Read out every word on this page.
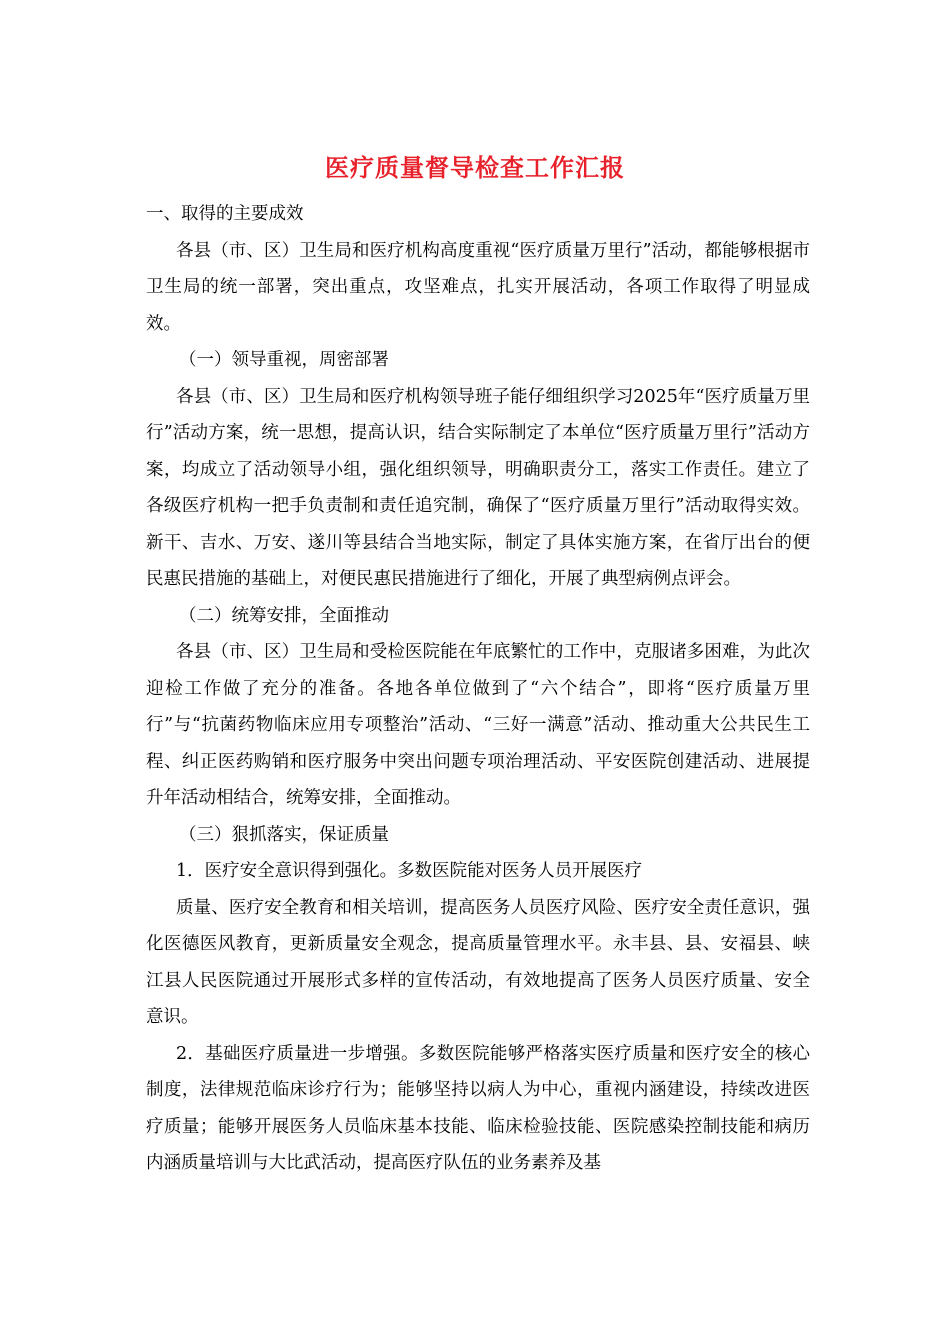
医疗质量督导检查工作汇报

一、取得的主要成效

各县（市、区）卫生局和医疗机构高度重视“医疗质量万里行”活动，都能够根据市卫生局的统一部署，突出重点，攻坚难点，扎实开展活动，各项工作取得了明显成效。

（一）领导重视，周密部署

各县（市、区）卫生局和医疗机构领导班子能仔细组织学习2025年“医疗质量万里行”活动方案，统一思想，提高认识，结合实际制定了本单位“医疗质量万里行”活动方案，均成立了活动领导小组，强化组织领导，明确职责分工，落实工作责任。建立了各级医疗机构一把手负责制和责任追究制，确保了“医疗质量万里行”活动取得实效。新干、吉水、万安、遂川等县结合当地实际，制定了具体实施方案，在省厅出台的便民惠民措施的基础上，对便民惠民措施进行了细化，开展了典型病例点评会。

（二）统筹安排，全面推动

各县（市、区）卫生局和受检医院能在年底繁忙的工作中，克服诸多困难，为此次迎检工作做了充分的准备。各地各单位做到了“六个结合”，即将“医疗质量万里行”与“抗菌药物临床应用专项整治”活动、“三好一满意”活动、推动重大公共民生工程、纠正医药购销和医疗服务中突出问题专项治理活动、平安医院创建活动、进展提升年活动相结合，统筹安排，全面推动。

（三）狠抓落实，保证质量

1．医疗安全意识得到强化。多数医院能对医务人员开展医疗

质量、医疗安全教育和相关培训，提高医务人员医疗风险、医疗安全责任意识，强化医德医风教育，更新质量安全观念，提高质量管理水平。永丰县、县、安福县、峡江县人民医院通过开展形式多样的宣传活动，有效地提高了医务人员医疗质量、安全意识。

2．基础医疗质量进一步增强。多数医院能够严格落实医疗质量和医疗安全的核心制度，法律规范临床诊疗行为；能够坚持以病人为中心，重视内涵建设，持续改进医疗质量；能够开展医务人员临床基本技能、临床检验技能、医院感染控制技能和病历内涵质量培训与大比武活动，提高医疗队伍的业务素养及基
